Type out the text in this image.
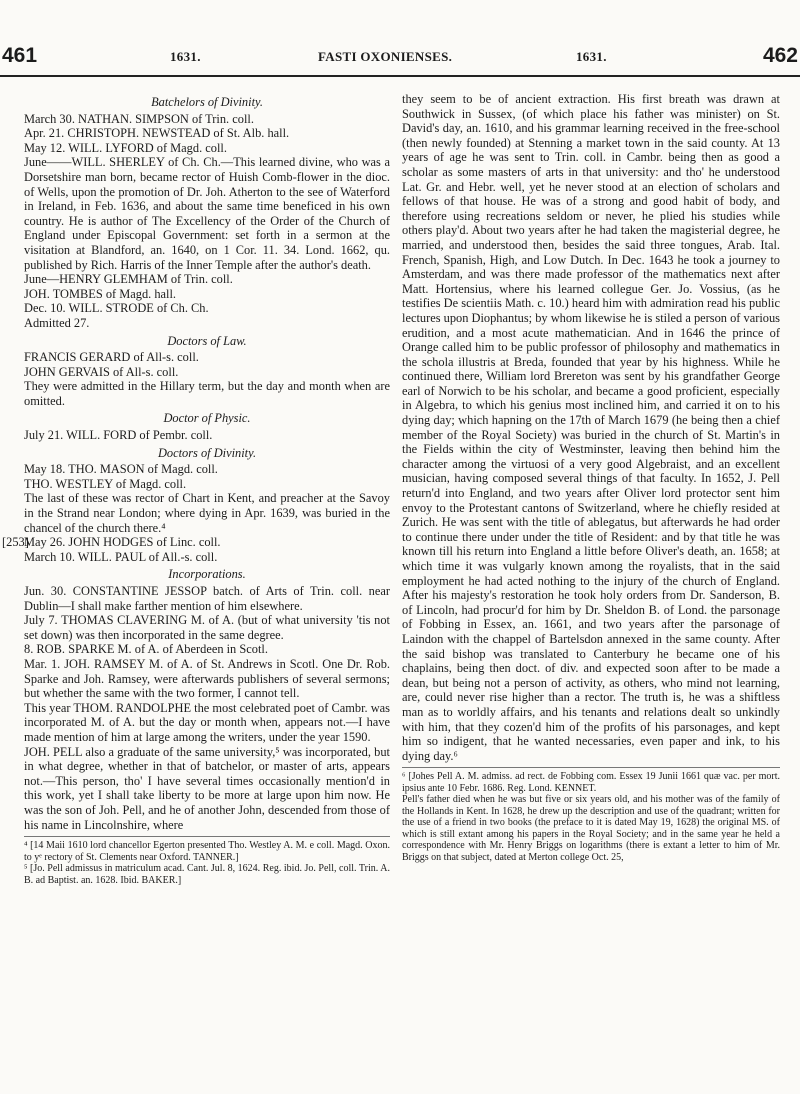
461	1631.	FASTI OXONIENSES.	1631.	462

Batchelors of Divinity.

March 30. NATHAN. SIMPSON of Trin. coll.

Apr. 21. CHRISTOPH. NEWSTEAD of St. Alb. hall.

May 12. WILL. LYFORD of Magd. coll.

June——WILL. SHERLEY of Ch. Ch.—This learned divine, who was a Dorsetshire man born, became rector of Huish Comb-flower in the dioc. of Wells, upon the promotion of Dr. Joh. Atherton to the see of Waterford in Ireland, in Feb. 1636, and about the same time beneficed in his own country. He is author of The Excellency of the Order of the Church of England under Episcopal Government: set forth in a sermon at the visitation at Blandford, an. 1640, on 1 Cor. 11. 34. Lond. 1662, qu. published by Rich. Harris of the Inner Temple after the author's death.

June—HENRY GLEMHAM of Trin. coll.

JOH. TOMBES of Magd. hall.

Dec. 10. WILL. STRODE of Ch. Ch.

Admitted 27.

Doctors of Law.

FRANCIS GERARD of All-s. coll.

JOHN GERVAIS of All-s. coll.

They were admitted in the Hillary term, but the day and month when are omitted.

Doctor of Physic.

July 21. WILL. FORD of Pembr. coll.

Doctors of Divinity.

May 18. THO. MASON of Magd. coll.

THO. WESTLEY of Magd. coll.

The last of these was rector of Chart in Kent, and preacher at the Savoy in the Strand near London; where dying in Apr. 1639, was buried in the chancel of the church there.⁴

[253]

May 26. JOHN HODGES of Linc. coll.

March 10. WILL. PAUL of All.-s. coll.

Incorporations.

Jun. 30. CONSTANTINE JESSOP batch. of Arts of Trin. coll. near Dublin—I shall make farther mention of him elsewhere.

July 7. THOMAS CLAVERING M. of A. (but of what university 'tis not set down) was then incorporated in the same degree.

8. ROB. SPARKE M. of A. of Aberdeen in Scotl.

Mar. 1. JOH. RAMSEY M. of A. of St. Andrews in Scotl. One Dr. Rob. Sparke and Joh. Ramsey, were afterwards publishers of several sermons; but whether the same with the two former, I cannot tell.

This year THOM. RANDOLPHE the most celebrated poet of Cambr. was incorporated M. of A. but the day or month when, appears not.—I have made mention of him at large among the writers, under the year 1590.

JOH. PELL also a graduate of the same university,⁵ was incorporated, but in what degree, whether in that of batchelor, or master of arts, appears not.—This person, tho' I have several times occasionally mention'd in this work, yet I shall take liberty to be more at large upon him now. He was the son of Joh. Pell, and he of another John, descended from those of his name in Lincolnshire, where

⁴ [14 Maii 1610 lord chancellor Egerton presented Tho. Westley A. M. e coll. Magd. Oxon. to yᵉ rectory of St. Clements near Oxford. TANNER.]

⁵ [Jo. Pell admissus in matriculum acad. Cant. Jul. 8, 1624. Reg. ibid. Jo. Pell, coll. Trin. A. B. ad Baptist. an. 1628. Ibid. BAKER.]

they seem to be of ancient extraction. His first breath was drawn at Southwick in Sussex, (of which place his father was minister) on St. David's day, an. 1610, and his grammar learning received in the free-school (then newly founded) at Stenning a market town in the said county. At 13 years of age he was sent to Trin. coll. in Cambr. being then as good a scholar as some masters of arts in that university: and tho' he understood Lat. Gr. and Hebr. well, yet he never stood at an election of scholars and fellows of that house. He was of a strong and good habit of body, and therefore using recreations seldom or never, he plied his studies while others play'd. About two years after he had taken the magisterial degree, he married, and understood then, besides the said three tongues, Arab. Ital. French, Spanish, High, and Low Dutch. In Dec. 1643 he took a journey to Amsterdam, and was there made professor of the mathematics next after Matt. Hortensius, where his learned collegue Ger. Jo. Vossius, (as he testifies De scientiis Math. c. 10.) heard him with admiration read his public lectures upon Diophantus; by whom likewise he is stiled a person of various erudition, and a most acute mathematician. And in 1646 the prince of Orange called him to be public professor of philosophy and mathematics in the schola illustris at Breda, founded that year by his highness. While he continued there, William lord Brereton was sent by his grandfather George earl of Norwich to be his scholar, and became a good proficient, especially in Algebra, to which his genius most inclined him, and carried it on to his dying day; which hapning on the 17th of March 1679 (he being then a chief member of the Royal Society) was buried in the church of St. Martin's in the Fields within the city of Westminster, leaving then behind him the character among the virtuosi of a very good Algebraist, and an excellent musician, having composed several things of that faculty. In 1652, J. Pell return'd into England, and two years after Oliver lord protector sent him envoy to the Protestant cantons of Switzerland, where he chiefly resided at Zurich. He was sent with the title of ablegatus, but afterwards he had order to continue there under under the title of Resident: and by that title he was known till his return into England a little before Oliver's death, an. 1658; at which time it was vulgarly known among the royalists, that in the said employment he had acted nothing to the injury of the church of England. After his majesty's restoration he took holy orders from Dr. Sanderson, B. of Lincoln, had procur'd for him by Dr. Sheldon B. of Lond. the parsonage of Fobbing in Essex, an. 1661, and two years after the parsonage of Laindon with the chappel of Bartelsdon annexed in the same county. After the said bishop was translated to Canterbury he became one of his chaplains, being then doct. of div. and expected soon after to be made a dean, but being not a person of activity, as others, who mind not learning, are, could never rise higher than a rector. The truth is, he was a shiftless man as to worldly affairs, and his tenants and relations dealt so unkindly with him, that they cozen'd him of the profits of his parsonages, and kept him so indigent, that he wanted necessaries, even paper and ink, to his dying day.⁶

⁶ [Johes Pell A. M. admiss. ad rect. de Fobbing com. Essex 19 Junii 1661 quæ vac. per mort. ipsius ante 10 Febr. 1686. Reg. Lond. KENNET.

Pell's father died when he was but five or six years old, and his mother was of the family of the Hollands in Kent. In 1628, he drew up the description and use of the quadrant; written for the use of a friend in two books (the preface to it is dated May 19, 1628) the original MS. of which is still extant among his papers in the Royal Society; and in the same year he held a correspondence with Mr. Henry Briggs on logarithms (there is extant a letter to him of Mr. Briggs on that subject, dated at Merton college Oct. 25,
